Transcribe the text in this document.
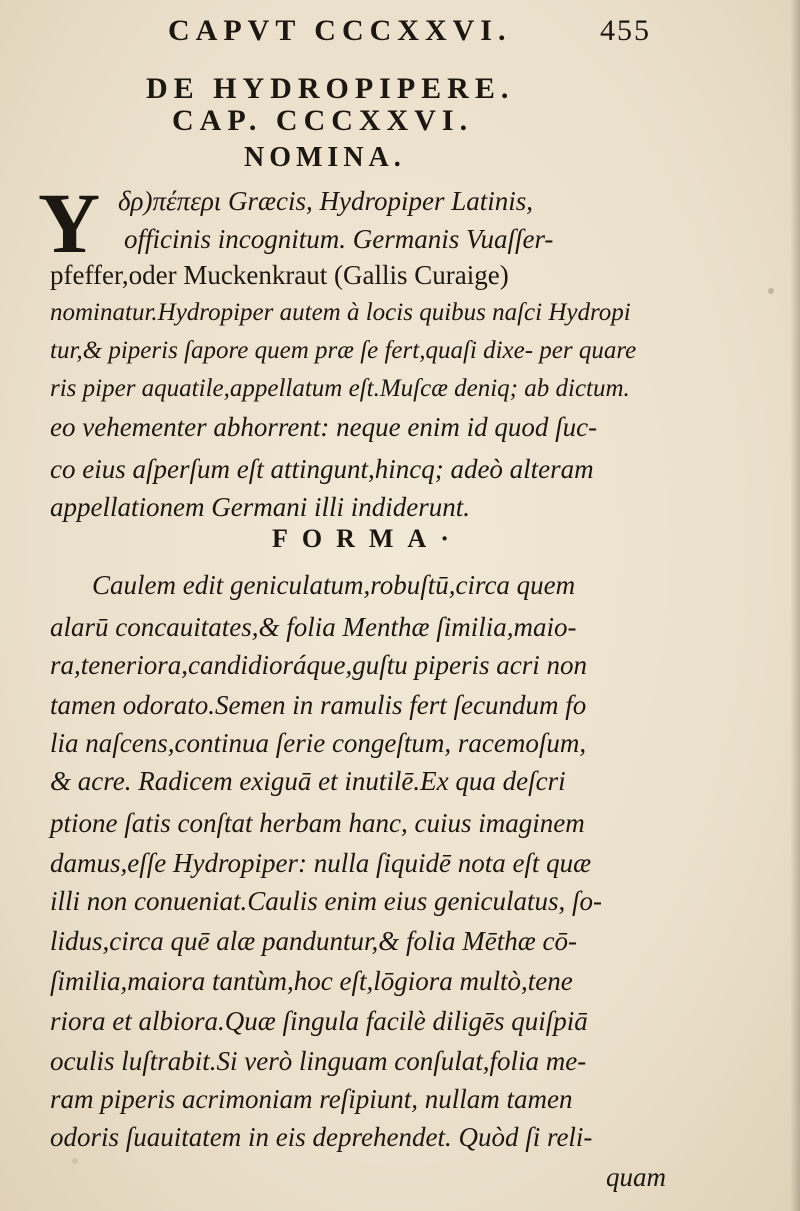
CAPVT CCCXXVI.	455
DE HYDROPIPERE.
CAP. CCCXXVI.
NOMINA.
Y δρ)πέπερι Græcis, Hydropiper Latinis,
officinis incognitum. Germanis Vuaſſer-
pfeffer,oder Muckenkraut (Gallis Curaige)
nominatur.Hydropiper autem à locis quibus naſci Hydropi
tur,& piperis ſapore quem præ ſe fert,quaſi dixe- per quare
ris piper aquatile,appellatum eſt.Muſcæ deniq; ab dictum.
eo vehementer abhorrent: neque enim id quod ſuc-
co eius aſperſum eſt attingunt,hincq; adeò alteram
appellationem Germani illi indiderunt.
FORMA·
Caulem edit geniculatum,robuſtū,circa quem
alarū concauitates,& folia Menthæ ſimilia,maio-
ra,teneriora,candidioráque,guſtu piperis acri non
tamen odorato.Semen in ramulis fert ſecundum fo
lia naſcens,continua ſerie congeſtum, racemoſum,
& acre. Radicem exiguā et inutilē.Ex qua deſcri
ptione ſatis conſtat herbam hanc, cuius imaginem
damus,eſſe Hydropiper: nulla ſiquidē nota eſt quæ
illi non conueniat.Caulis enim eius geniculatus, ſo-
lidus,circa quē alæ panduntur,& folia Mēthæ cō-
ſimilia,maiora tantùm,hoc eſt,lōgiora multò,tene
riora et albiora.Quæ ſingula facilè diligēs quiſpiā
oculis luſtrabit.Si verò linguam conſulat,folia me-
ram piperis acrimoniam reſipiunt, nullam tamen
odoris ſuauitatem in eis deprehendet. Quòd ſi reli-
quam
